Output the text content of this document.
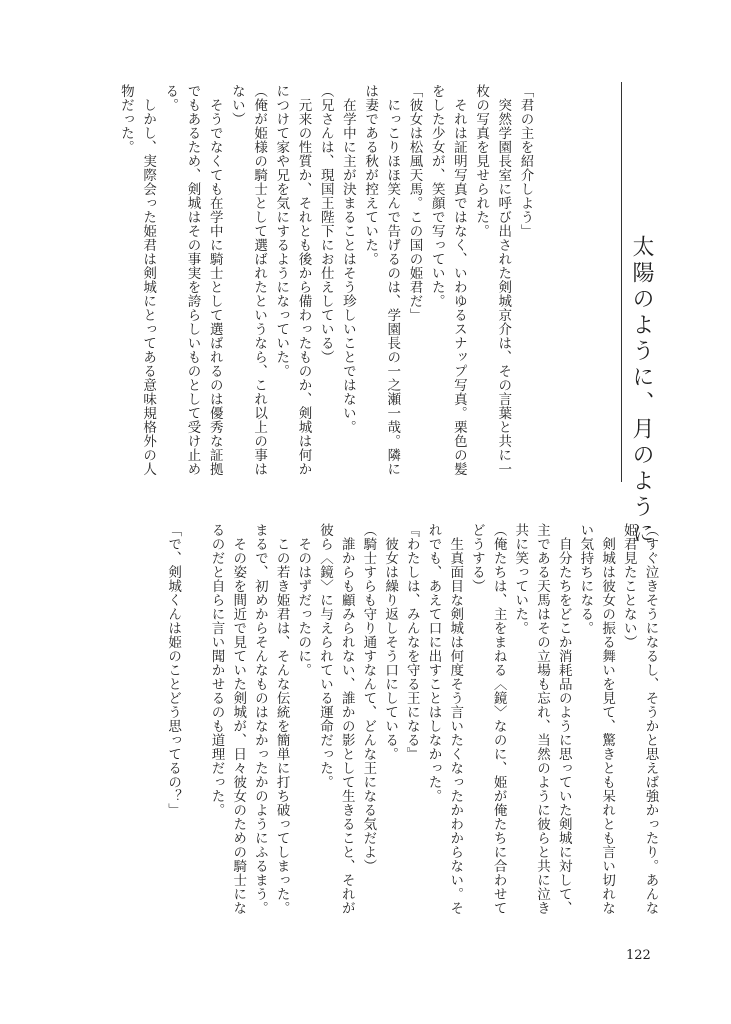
太陽のように、月のように
「君の主を紹介しよう」
　突然学園長室に呼び出された剣城京介は、その言葉と共に一
枚の写真を見せられた。
　それは証明写真ではなく、いわゆるスナップ写真。栗色の髪
をした少女が、笑顔で写っていた。
「彼女は松風天馬。この国の姫君だ」
　にっこりほほ笑んで告げるのは、学園長の一之瀬一哉。隣に
は妻である秋が控えていた。
　在学中に主が決まることはそう珍しいことではない。
（兄さんは、現国王陛下にお仕えしている）
　元来の性質か、それとも後から備わったものか、剣城は何か
につけて家や兄を気にするようになっていた。
（俺が姫様の騎士として選ばれたというなら、これ以上の事は
ない）
　そうでなくても在学中に騎士として選ばれるのは優秀な証拠
でもあるため、剣城はその事実を誇らしいものとして受け止め
る。
　しかし、実際会った姫君は剣城にとってある意味規格外の人
物だった。
（すぐ泣きそうになるし、そうかと思えば強かったり。あんな
姫君見たことない）
　剣城は彼女の振る舞いを見て、驚きとも呆れとも言い切れな
い気持ちになる。
　自分たちをどこか消耗品のように思っていた剣城に対して、
主である天馬はその立場も忘れ、当然のように彼らと共に泣き
共に笑っていた。
（俺たちは、主をまねる〈鏡〉なのに、姫が俺たちに合わせて
どうする）
　生真面目な剣城は何度そう言いたくなったかわからない。そ
れでも、あえて口に出すことはしなかった。
『わたしは、みんなを守る王になる』
　彼女は繰り返しそう口にしている。
（騎士すらも守り通すなんて、どんな王になる気だよ）
　誰からも顧みられない、誰かの影として生きること、それが
彼ら〈鏡〉に与えられている運命だった。
　そのはずだったのに。
　この若き姫君は、そんな伝統を簡単に打ち破ってしまった。
まるで、初めからそんなものはなかったかのようにふるまう。
　その姿を間近で見ていた剣城が、日々彼女のための騎士にな
るのだと自らに言い聞かせるのも道理だった。
「で、剣城くんは姫のことどう思ってるの？」
122
